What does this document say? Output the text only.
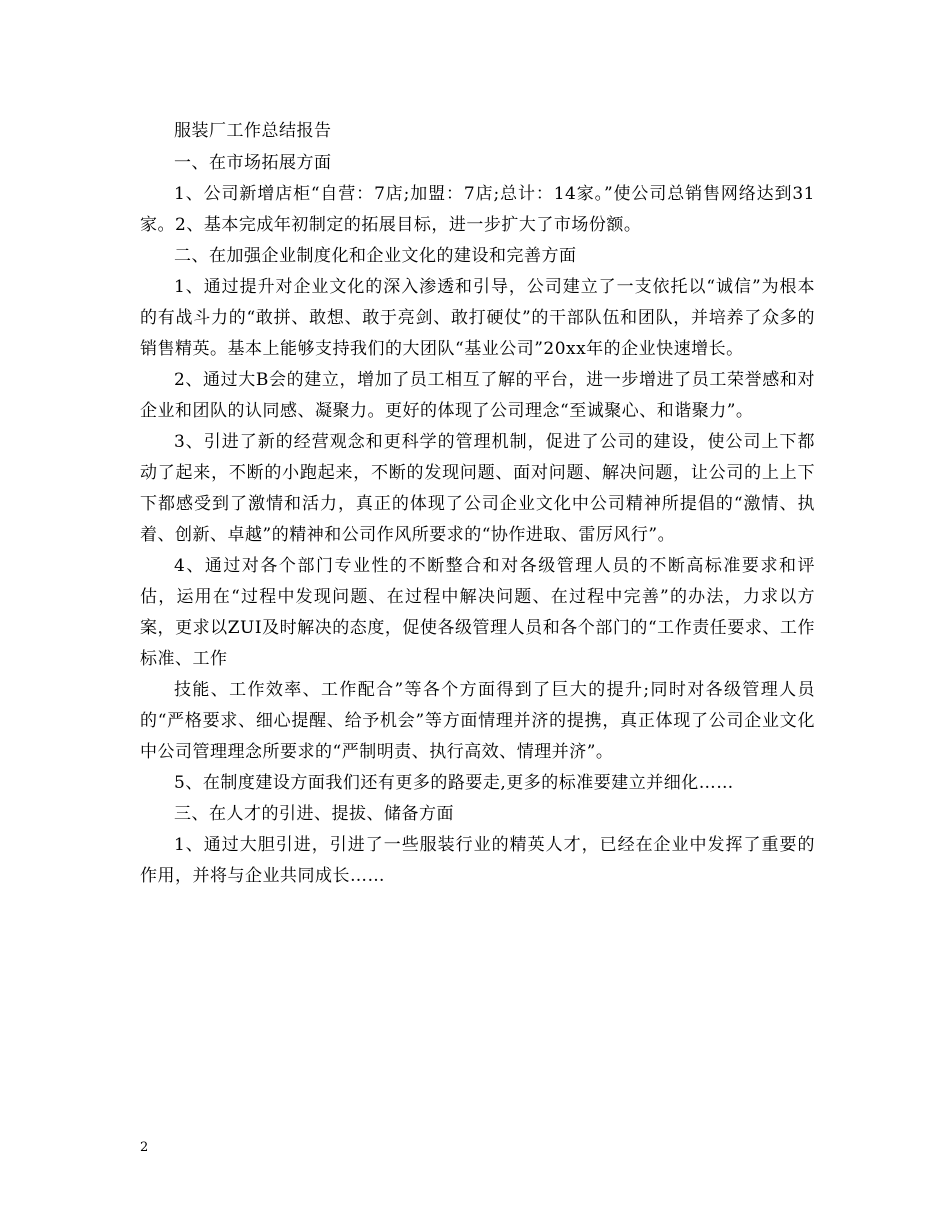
服装厂工作总结报告

一、在市场拓展方面

1、公司新增店柜“自营：7店;加盟：7店;总计：14家。”使公司总销售网络达到31家。2、基本完成年初制定的拓展目标，进一步扩大了市场份额。

二、在加强企业制度化和企业文化的建设和完善方面

1、通过提升对企业文化的深入渗透和引导，公司建立了一支依托以“诚信”为根本的有战斗力的“敢拼、敢想、敢于亮剑、敢打硬仗”的干部队伍和团队，并培养了众多的销售精英。基本上能够支持我们的大团队“基业公司”20xx年的企业快速增长。

2、通过大B会的建立，增加了员工相互了解的平台，进一步增进了员工荣誉感和对企业和团队的认同感、凝聚力。更好的体现了公司理念“至诚聚心、和谐聚力”。

3、引进了新的经营观念和更科学的管理机制，促进了公司的建设，使公司上下都动了起来，不断的小跑起来，不断的发现问题、面对问题、解决问题，让公司的上上下下都感受到了激情和活力，真正的体现了公司企业文化中公司精神所提倡的“激情、执着、创新、卓越”的精神和公司作风所要求的“协作进取、雷厉风行”。

4、通过对各个部门专业性的不断整合和对各级管理人员的不断高标准要求和评估，运用在“过程中发现问题、在过程中解决问题、在过程中完善”的办法，力求以方案，更求以ZUI及时解决的态度，促使各级管理人员和各个部门的“工作责任要求、工作标准、工作

技能、工作效率、工作配合”等各个方面得到了巨大的提升;同时对各级管理人员的“严格要求、细心提醒、给予机会”等方面情理并济的提携，真正体现了公司企业文化中公司管理理念所要求的“严制明责、执行高效、情理并济”。

5、在制度建设方面我们还有更多的路要走,更多的标准要建立并细化……

三、在人才的引进、提拔、储备方面

1、通过大胆引进，引进了一些服装行业的精英人才，已经在企业中发挥了重要的作用，并将与企业共同成长……

2
